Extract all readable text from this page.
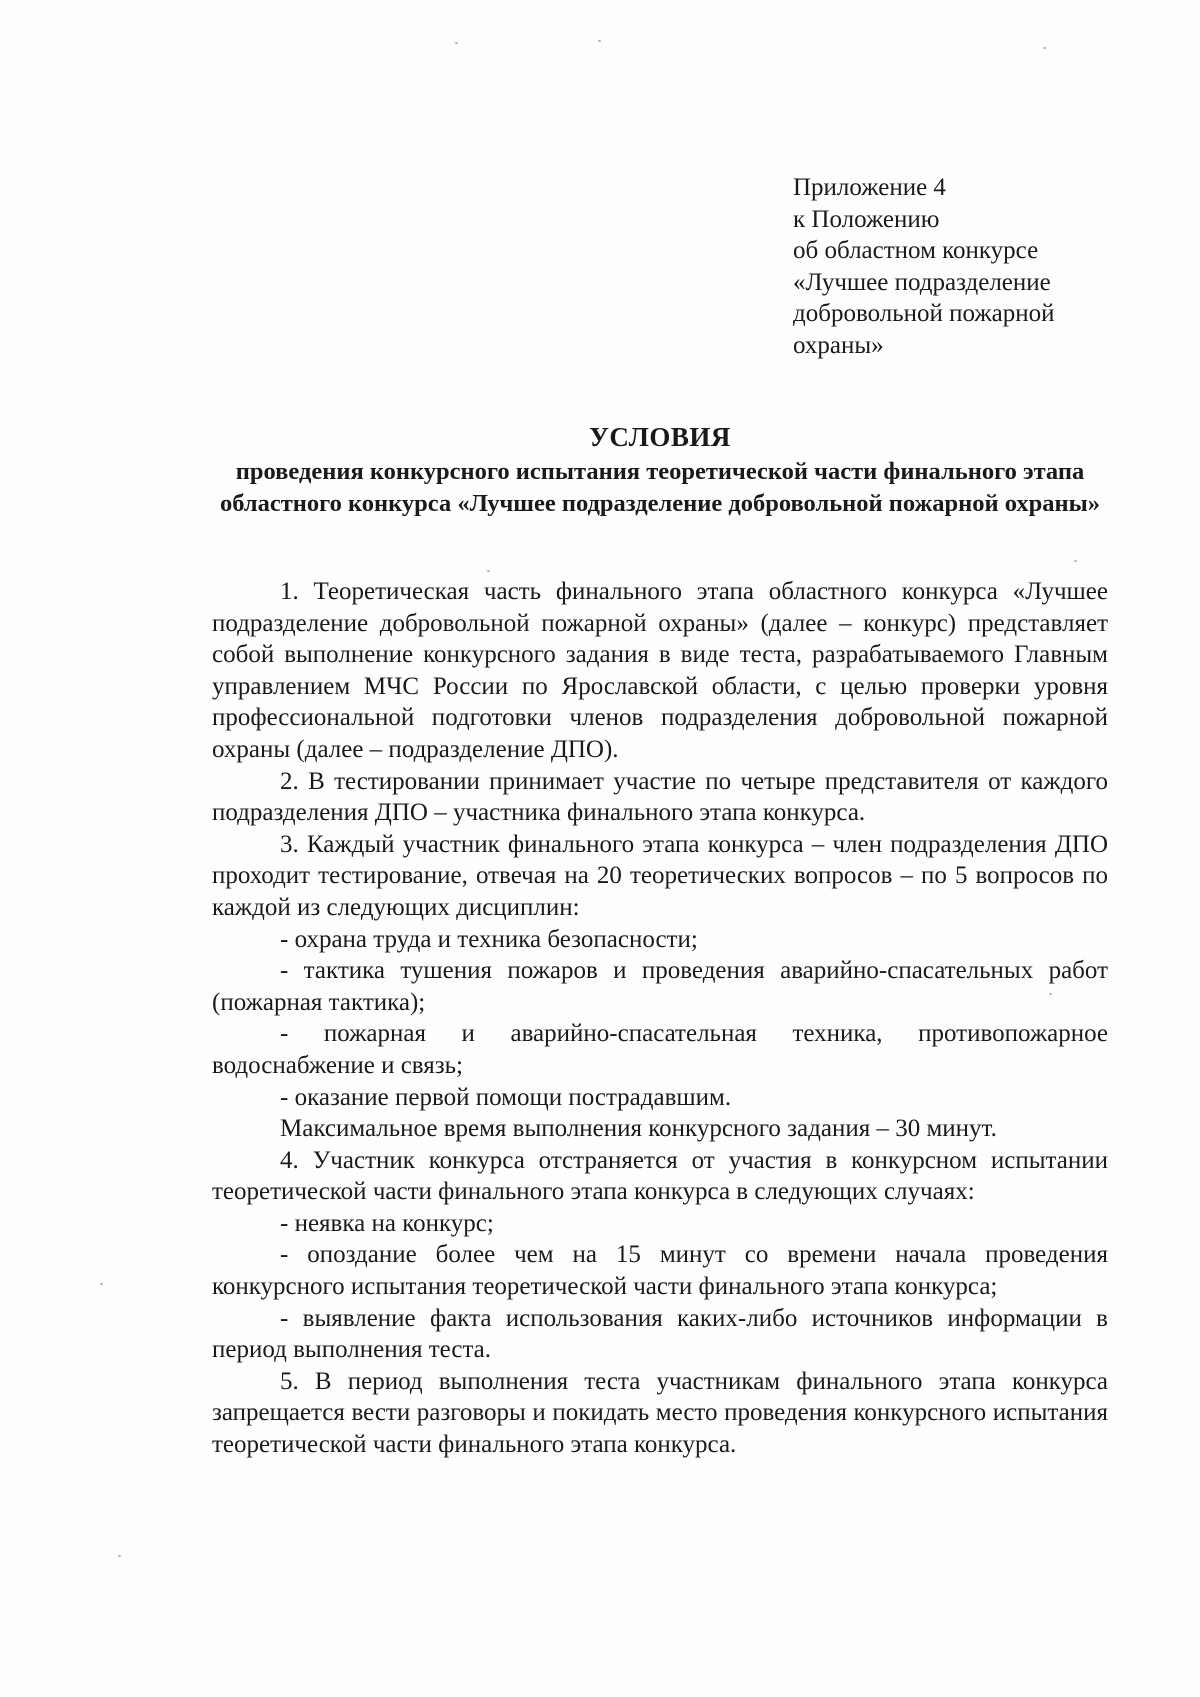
Приложение 4
к Положению
об областном конкурсе
«Лучшее подразделение
добровольной пожарной
охраны»
УСЛОВИЯ
проведения конкурсного испытания теоретической части финального этапа областного конкурса «Лучшее подразделение добровольной пожарной охраны»

1. Теоретическая часть финального этапа областного конкурса «Лучшее подразделение добровольной пожарной охраны» (далее – конкурс) представляет собой выполнение конкурсного задания в виде теста, разрабатываемого Главным управлением МЧС России по Ярославской области, с целью проверки уровня профессиональной подготовки членов подразделения добровольной пожарной охраны (далее – подразделение ДПО).

2. В тестировании принимает участие по четыре представителя от каждого подразделения ДПО – участника финального этапа конкурса.

3. Каждый участник финального этапа конкурса – член подразделения ДПО проходит тестирование, отвечая на 20 теоретических вопросов – по 5 вопросов по каждой из следующих дисциплин:

- охрана труда и техника безопасности;

- тактика тушения пожаров и проведения аварийно-спасательных работ (пожарная тактика);

- пожарная и аварийно-спасательная техника, противопожарное водоснабжение и связь;

- оказание первой помощи пострадавшим.

Максимальное время выполнения конкурсного задания – 30 минут.

4. Участник конкурса отстраняется от участия в конкурсном испытании теоретической части финального этапа конкурса в следующих случаях:

- неявка на конкурс;

- опоздание более чем на 15 минут со времени начала проведения конкурсного испытания теоретической части финального этапа конкурса;

- выявление факта использования каких-либо источников информации в период выполнения теста.

5. В период выполнения теста участникам финального этапа конкурса запрещается вести разговоры и покидать место проведения конкурсного испытания теоретической части финального этапа конкурса.
